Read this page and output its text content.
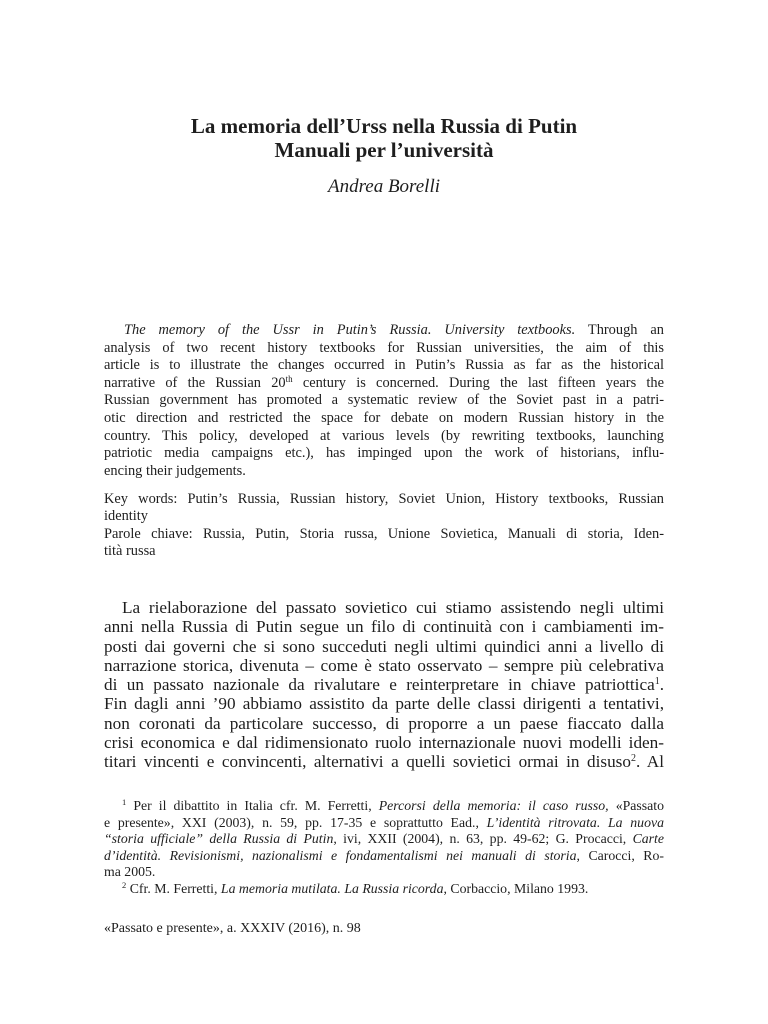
La memoria dell’Urss nella Russia di Putin
Manuali per l’università
Andrea Borelli
The memory of the Ussr in Putin’s Russia. University textbooks. Through an
analysis of two recent history textbooks for Russian universities, the aim of this
article is to illustrate the changes occurred in Putin’s Russia as far as the historical
narrative of the Russian 20th century is concerned. During the last fifteen years the
Russian government has promoted a systematic review of the Soviet past in a patri-
otic direction and restricted the space for debate on modern Russian history in the
country. This policy, developed at various levels (by rewriting textbooks, launching
patriotic media campaigns etc.), has impinged upon the work of historians, influ-
encing their judgements.
Key words: Putin’s Russia, Russian history, Soviet Union, History textbooks, Russian
identity
Parole chiave: Russia, Putin, Storia russa, Unione Sovietica, Manuali di storia, Iden-
tità russa
La rielaborazione del passato sovietico cui stiamo assistendo negli ultimi
anni nella Russia di Putin segue un filo di continuità con i cambiamenti im-
posti dai governi che si sono succeduti negli ultimi quindici anni a livello di
narrazione storica, divenuta – come è stato osservato – sempre più celebrativa
di un passato nazionale da rivalutare e reinterpretare in chiave patriottica$^1$.
Fin dagli anni ’90 abbiamo assistito da parte delle classi dirigenti a tentativi,
non coronati da particolare successo, di proporre a un paese fiaccato dalla
crisi economica e dal ridimensionato ruolo internazionale nuovi modelli iden-
titari vincenti e convincenti, alternativi a quelli sovietici ormai in disuso$^2$. Al
$^1$ Per il dibattito in Italia cfr. M. Ferretti, Percorsi della memoria: il caso russo, «Passato
e presente», XXI (2003), n. 59, pp. 17-35 e soprattutto Ead., L’identità ritrovata. La nuova
“storia ufficiale” della Russia di Putin, ivi, XXII (2004), n. 63, pp. 49-62; G. Procacci, Carte
d’identità. Revisionismi, nazionalismi e fondamentalismi nei manuali di storia, Carocci, Ro-
ma 2005.
$^2$ Cfr. M. Ferretti, La memoria mutilata. La Russia ricorda, Corbaccio, Milano 1993.
«Passato e presente», a. XXXIV (2016), n. 98
